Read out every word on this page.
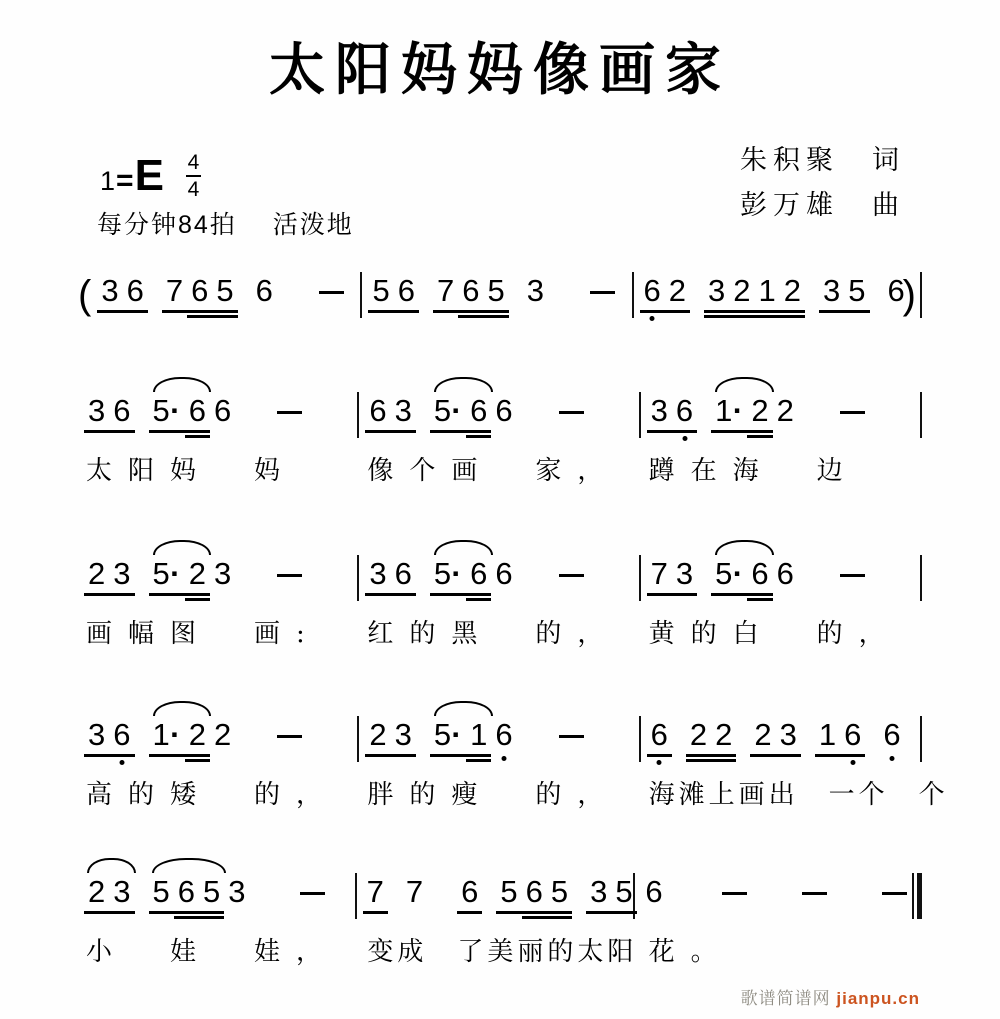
太阳妈妈像画家
朱积聚　词
彭万雄　曲
1 = E 4
4
每分钟84拍　 活泼地
( 3 6 7 6 5 6	5 6 7 6 5 3	6 2 3 2 1 2 3 5 6
)
3 6 5· 6 6	6 3 5· 6 6	3 6 1· 2 2
太阳妈　妈	像个画　家，	蹲在海　边
2 3 5· 2 3	3 6 5· 6 6	7 3 5· 6 6
画幅图　画:	红的黑　的，	黄的白　的，
3 6 1· 2 2	2 3 5· 1 6	6 2 2 2 3 1 6 6
高的矮　的，	胖的瘦　的，	海滩上画出　一个　个
2 3 5 6 5 3	7 7 6 5 6 5 3 5 6
小　娃　娃，	变成　了美丽的太阳 花。
歌谱简谱网 jianpu.cn
